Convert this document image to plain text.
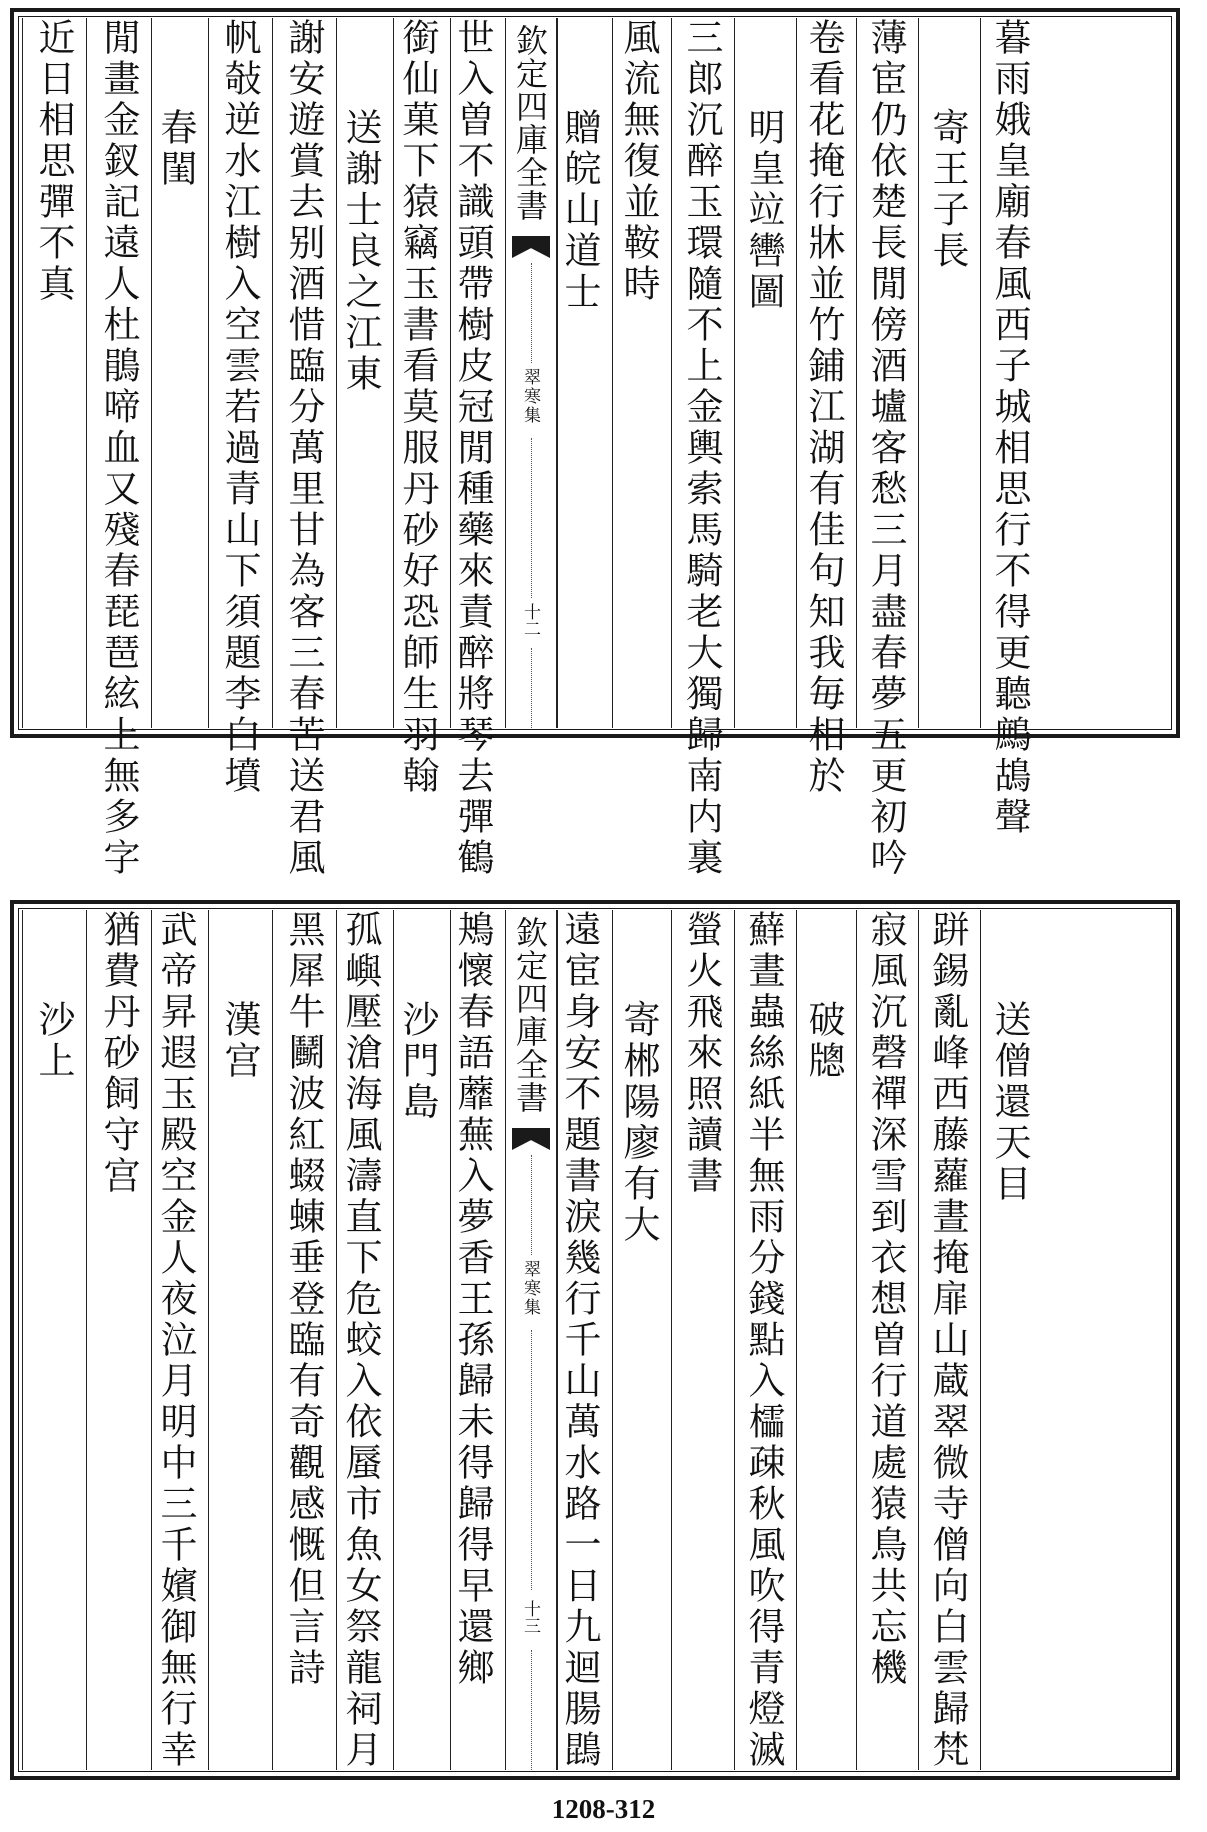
近日相思彈不真 閒畫金釵記遠人杜鵑啼血又殘春琵琶絃上無多字 春閨 帆敧逆水江樹入空雲若過青山下須題李白墳 謝安遊賞去别酒惜臨分萬里甘為客三春苦送君風 送謝士良之江東 銜仙菓下猿竊玉書看莫服丹砂好恐師生羽翰 世入曽不識頭帶樹皮冠閒種藥來責醉將琴去彈鶴 欽定四庫全書
翠寒集
十二
贈皖山道士 風流無復並鞍時 三郎沉醉玉環隨不上金輿索馬騎老大獨歸南内裏 明皇竝轡圖 卷看花掩行牀並竹鋪江湖有佳句知我毎相於 薄宦仍依楚長閒傍酒壚客愁三月盡春夢五更初吟 寄王子長 暮雨娥皇廟春風西子城相思行不得更聽鷓鴣聲
沙上 猶費丹砂飼守宫 武帝昇遐玉殿空金人夜泣月明中三千嬪御無行幸 漢宫 黑犀牛鬭波紅蝃蝀垂登臨有奇觀感慨但言詩 孤嶼壓滄海風濤直下危蛟入依蜃市魚女祭龍祠月 沙門島 鴂懷春語蘼蕪入夢香王孫歸未得歸得早還鄉 欽定四庫全書
翠寒集
十三 遠宦身安不題書淚幾行千山萬水路一日九迴腸鵾 寄郴陽廖有大 螢火飛來照讀書 蘚晝蟲絲紙半無雨分錢點入櫺疎秋風吹得青燈滅 破牕 寂風沉磬禪深雪到衣想曽行道處猿鳥共忘機 跰錫亂峰西藤蘿晝掩扉山蔵翠微寺僧向白雲歸梵 送僧還天目
1208-312
